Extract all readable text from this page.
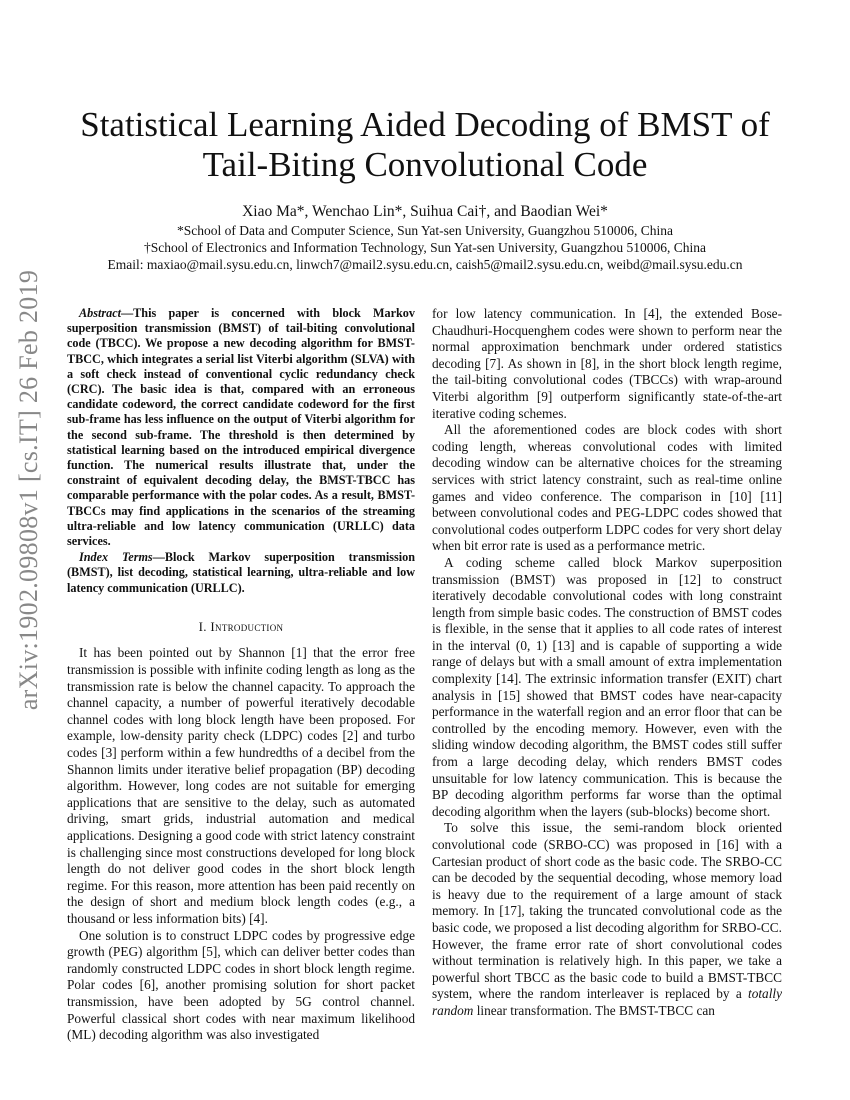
arXiv:1902.09808v1 [cs.IT] 26 Feb 2019
Statistical Learning Aided Decoding of BMST of
Tail-Biting Convolutional Code
Xiao Ma*, Wenchao Lin*, Suihua Cai†, and Baodian Wei*
*School of Data and Computer Science, Sun Yat-sen University, Guangzhou 510006, China
†School of Electronics and Information Technology, Sun Yat-sen University, Guangzhou 510006, China
Email: maxiao@mail.sysu.edu.cn, linwch7@mail2.sysu.edu.cn, caish5@mail2.sysu.edu.cn, weibd@mail.sysu.edu.cn

Abstract—This paper is concerned with block Markov superposition transmission (BMST) of tail-biting convolutional code (TBCC). We propose a new decoding algorithm for BMST-TBCC, which integrates a serial list Viterbi algorithm (SLVA) with a soft check instead of conventional cyclic redundancy check (CRC). The basic idea is that, compared with an erroneous candidate codeword, the correct candidate codeword for the first sub-frame has less influence on the output of Viterbi algorithm for the second sub-frame. The threshold is then determined by statistical learning based on the introduced empirical divergence function. The numerical results illustrate that, under the constraint of equivalent decoding delay, the BMST-TBCC has comparable performance with the polar codes. As a result, BMST-TBCCs may find applications in the scenarios of the streaming ultra-reliable and low latency communication (URLLC) data services.

Index Terms—Block Markov superposition transmission (BMST), list decoding, statistical learning, ultra-reliable and low latency communication (URLLC).

I. Introduction

It has been pointed out by Shannon [1] that the error free transmission is possible with infinite coding length as long as the transmission rate is below the channel capacity. To approach the channel capacity, a number of powerful iteratively decodable channel codes with long block length have been proposed. For example, low-density parity check (LDPC) codes [2] and turbo codes [3] perform within a few hundredths of a decibel from the Shannon limits under iterative belief propagation (BP) decoding algorithm. However, long codes are not suitable for emerging applications that are sensitive to the delay, such as automated driving, smart grids, industrial automation and medical applications. Designing a good code with strict latency constraint is challenging since most constructions developed for long block length do not deliver good codes in the short block length regime. For this reason, more attention has been paid recently on the design of short and medium block length codes (e.g., a thousand or less information bits) [4].

One solution is to construct LDPC codes by progressive edge growth (PEG) algorithm [5], which can deliver better codes than randomly constructed LDPC codes in short block length regime. Polar codes [6], another promising solution for short packet transmission, have been adopted by 5G control channel. Powerful classical short codes with near maximum likelihood (ML) decoding algorithm was also investigated

for low latency communication. In [4], the extended Bose-Chaudhuri-Hocquenghem codes were shown to perform near the normal approximation benchmark under ordered statistics decoding [7]. As shown in [8], in the short block length regime, the tail-biting convolutional codes (TBCCs) with wrap-around Viterbi algorithm [9] outperform significantly state-of-the-art iterative coding schemes.

All the aforementioned codes are block codes with short coding length, whereas convolutional codes with limited decoding window can be alternative choices for the streaming services with strict latency constraint, such as real-time online games and video conference. The comparison in [10] [11] between convolutional codes and PEG-LDPC codes showed that convolutional codes outperform LDPC codes for very short delay when bit error rate is used as a performance metric.

A coding scheme called block Markov superposition transmission (BMST) was proposed in [12] to construct iteratively decodable convolutional codes with long constraint length from simple basic codes. The construction of BMST codes is flexible, in the sense that it applies to all code rates of interest in the interval (0, 1) [13] and is capable of supporting a wide range of delays but with a small amount of extra implementation complexity [14]. The extrinsic information transfer (EXIT) chart analysis in [15] showed that BMST codes have near-capacity performance in the waterfall region and an error floor that can be controlled by the encoding memory. However, even with the sliding window decoding algorithm, the BMST codes still suffer from a large decoding delay, which renders BMST codes unsuitable for low latency communication. This is because the BP decoding algorithm performs far worse than the optimal decoding algorithm when the layers (sub-blocks) become short.

To solve this issue, the semi-random block oriented convolutional code (SRBO-CC) was proposed in [16] with a Cartesian product of short code as the basic code. The SRBO-CC can be decoded by the sequential decoding, whose memory load is heavy due to the requirement of a large amount of stack memory. In [17], taking the truncated convolutional code as the basic code, we proposed a list decoding algorithm for SRBO-CC. However, the frame error rate of short convolutional codes without termination is relatively high. In this paper, we take a powerful short TBCC as the basic code to build a BMST-TBCC system, where the random interleaver is replaced by a totally random linear transformation. The BMST-TBCC can
